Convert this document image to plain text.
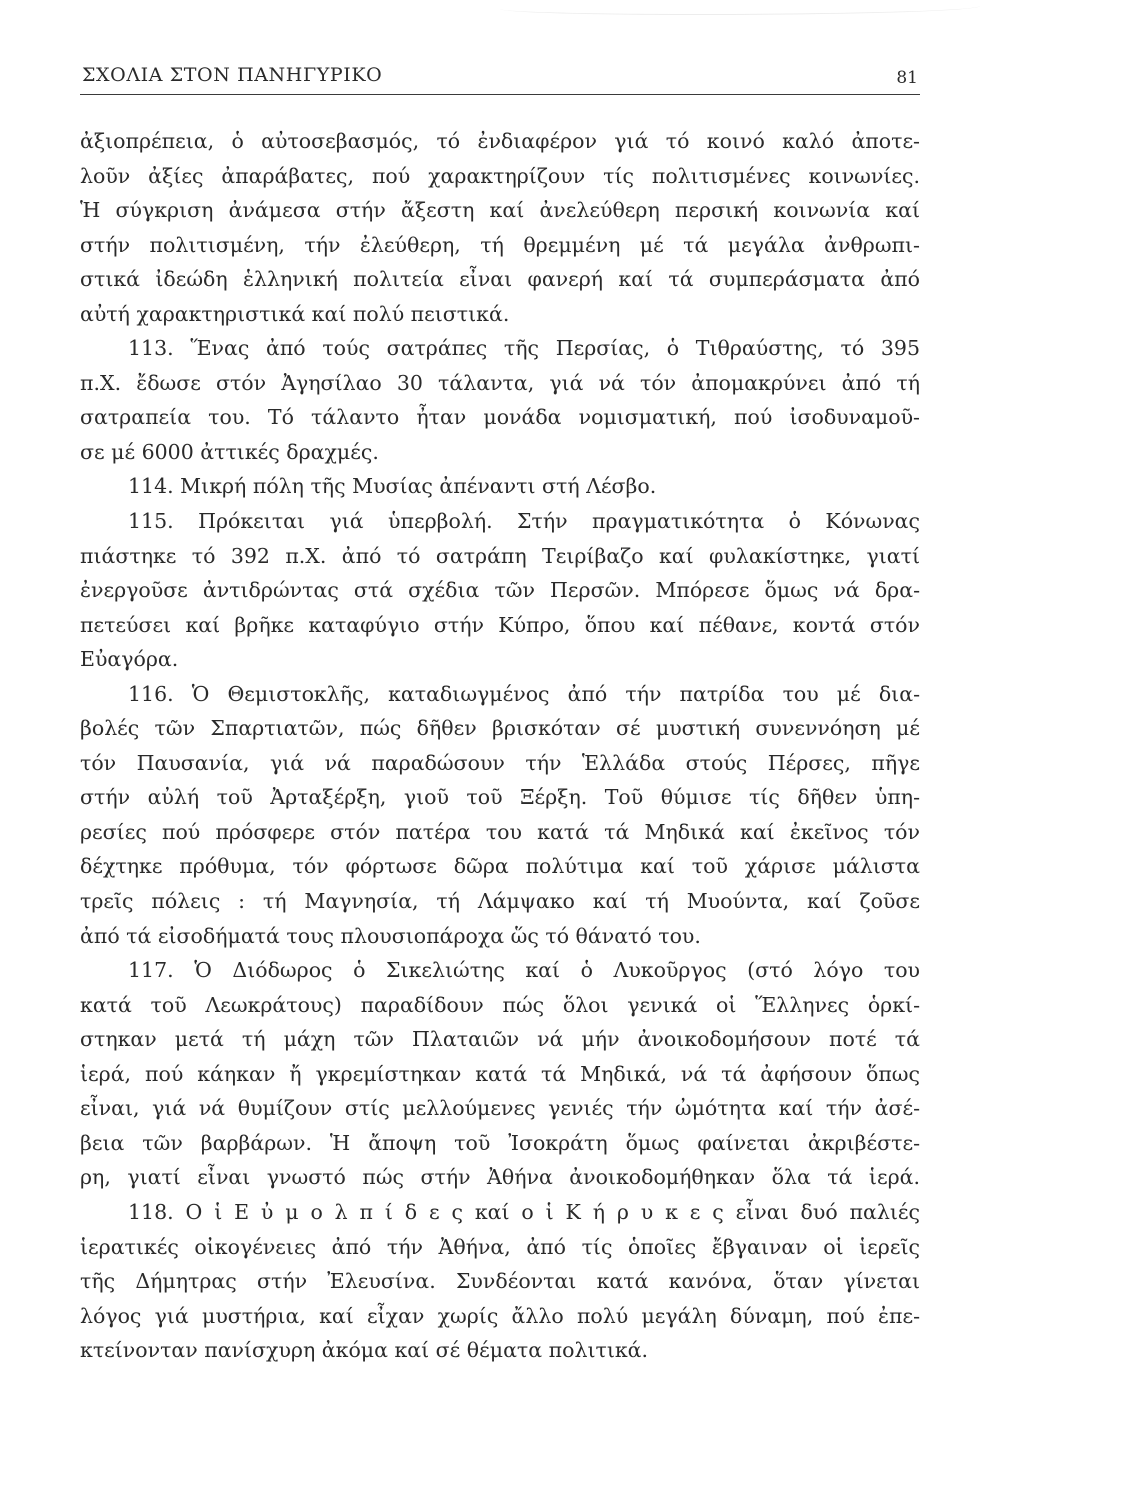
ΣΧΟΛΙΑ ΣΤΟΝ ΠΑΝΗΓΥΡΙΚΟ	81
ἀξιοπρέπεια, ὁ αὐτοσεβασμός, τό ἐνδιαφέρον γιά τό κοινό καλό ἀποτε-
λοῦν ἀξίες ἀπαράβατες, πού χαρακτηρίζουν τίς πολιτισμένες κοινωνίες.
Ἡ σύγκριση ἀνάμεσα στήν ἄξεστη καί ἀνελεύθερη περσική κοινωνία καί
στήν πολιτισμένη, τήν ἐλεύθερη, τή θρεμμένη μέ τά μεγάλα ἀνθρωπι-
στικά ἰδεώδη ἑλληνική πολιτεία εἶναι φανερή καί τά συμπεράσματα ἀπό
αὐτή χαρακτηριστικά καί πολύ πειστικά.
113. Ἕνας ἀπό τούς σατράπες τῆς Περσίας, ὁ Τιθραύστης, τό 395
π.Χ. ἔδωσε στόν Ἀγησίλαο 30 τάλαντα, γιά νά τόν ἀπομακρύνει ἀπό τή
σατραπεία του. Τό τάλαντο ἦταν μονάδα νομισματική, πού ἰσοδυναμοῦ-
σε μέ 6000 ἀττικές δραχμές.
114. Μικρή πόλη τῆς Μυσίας ἀπέναντι στή Λέσβο.
115. Πρόκειται γιά ὑπερβολή. Στήν πραγματικότητα ὁ Κόνωνας
πιάστηκε τό 392 π.Χ. ἀπό τό σατράπη Τειρίβαζο καί φυλακίστηκε, γιατί
ἐνεργοῦσε ἀντιδρώντας στά σχέδια τῶν Περσῶν. Μπόρεσε ὅμως νά δρα-
πετεύσει καί βρῆκε καταφύγιο στήν Κύπρο, ὅπου καί πέθανε, κοντά στόν
Εὐαγόρα.
116. Ὁ Θεμιστοκλῆς, καταδιωγμένος ἀπό τήν πατρίδα του μέ δια-
βολές τῶν Σπαρτιατῶν, πώς δῆθεν βρισκόταν σέ μυστική συνεννόηση μέ
τόν Παυσανία, γιά νά παραδώσουν τήν Ἑλλάδα στούς Πέρσες, πῆγε
στήν αὐλή τοῦ Ἀρταξέρξη, γιοῦ τοῦ Ξέρξη. Τοῦ θύμισε τίς δῆθεν ὑπη-
ρεσίες πού πρόσφερε στόν πατέρα του κατά τά Μηδικά καί ἐκεῖνος τόν
δέχτηκε πρόθυμα, τόν φόρτωσε δῶρα πολύτιμα καί τοῦ χάρισε μάλιστα
τρεῖς πόλεις : τή Μαγνησία, τή Λάμψακο καί τή Μυούντα, καί ζοῦσε
ἀπό τά εἰσοδήματά τους πλουσιοπάροχα ὥς τό θάνατό του.
117. Ὁ Διόδωρος ὁ Σικελιώτης καί ὁ Λυκοῦργος (στό λόγο του
κατά τοῦ Λεωκράτους) παραδίδουν πώς ὅλοι γενικά οἱ Ἕλληνες ὁρκί-
στηκαν μετά τή μάχη τῶν Πλαταιῶν νά μήν ἀνοικοδομήσουν ποτέ τά
ἱερά, πού κάηκαν ἤ γκρεμίστηκαν κατά τά Μηδικά, νά τά ἀφήσουν ὅπως
εἶναι, γιά νά θυμίζουν στίς μελλούμενες γενιές τήν ὠμότητα καί τήν ἀσέ-
βεια τῶν βαρβάρων. Ἡ ἄποψη τοῦ Ἰσοκράτη ὅμως φαίνεται ἀκριβέστε-
ρη, γιατί εἶναι γνωστό πώς στήν Ἀθήνα ἀνοικοδομήθηκαν ὅλα τά ἱερά.
118. Ο ἱ Ε ὐ μ ο λ π ί δ ε ς καί ο ἱ Κ ή ρ υ κ ε ς εἶναι δυό παλιές
ἱερατικές οἰκογένειες ἀπό τήν Ἀθήνα, ἀπό τίς ὁποῖες ἔβγαιναν οἱ ἱερεῖς
τῆς Δήμητρας στήν Ἐλευσίνα. Συνδέονται κατά κανόνα, ὅταν γίνεται
λόγος γιά μυστήρια, καί εἶχαν χωρίς ἄλλο πολύ μεγάλη δύναμη, πού ἐπε-
κτείνονταν πανίσχυρη ἀκόμα καί σέ θέματα πολιτικά.
